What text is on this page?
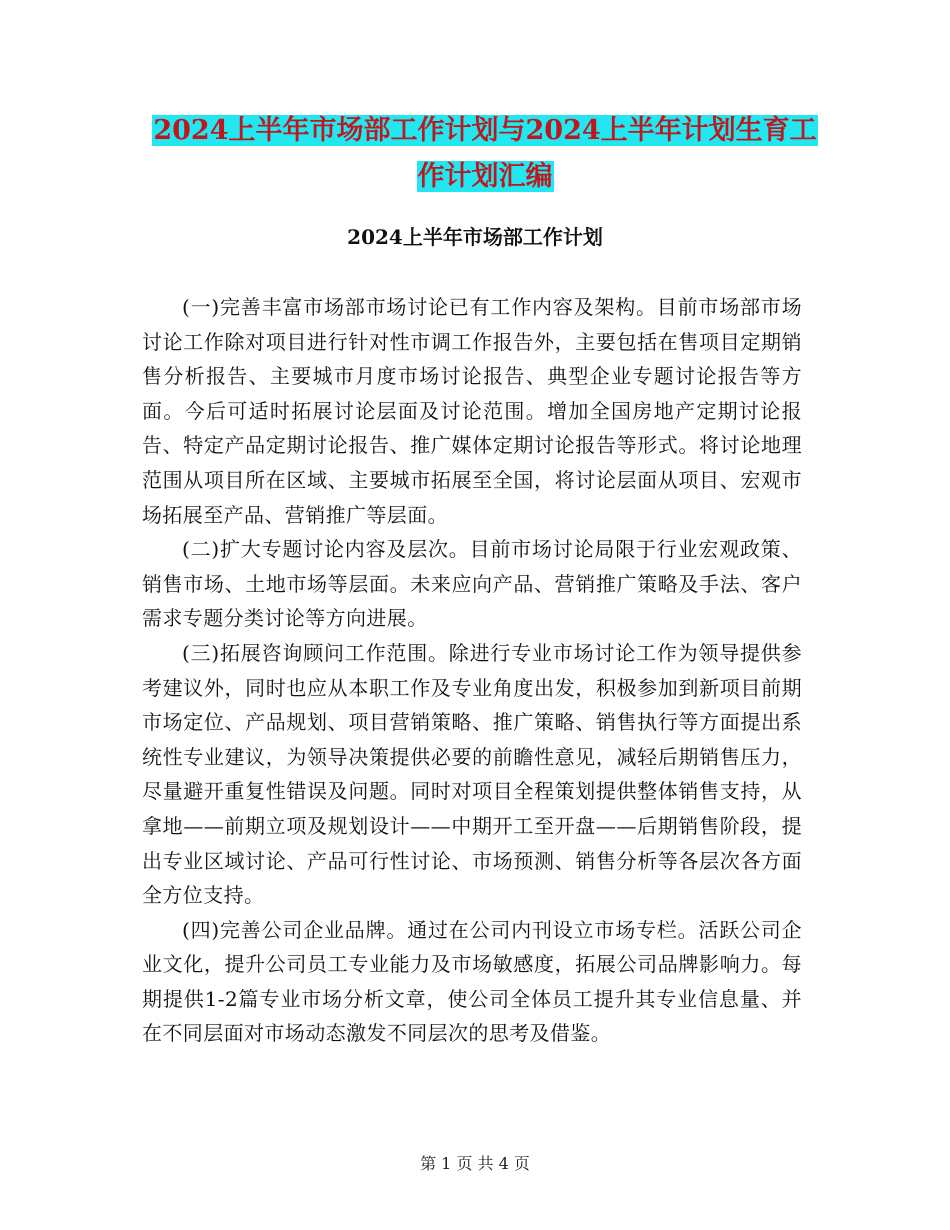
2024上半年市场部工作计划与2024上半年计划生育工
作计划汇编
2024上半年市场部工作计划

(一)完善丰富市场部市场讨论已有工作内容及架构。目前市场部市场讨论工作除对项目进行针对性市调工作报告外，主要包括在售项目定期销售分析报告、主要城市月度市场讨论报告、典型企业专题讨论报告等方面。今后可适时拓展讨论层面及讨论范围。增加全国房地产定期讨论报告、特定产品定期讨论报告、推广媒体定期讨论报告等形式。将讨论地理范围从项目所在区域、主要城市拓展至全国，将讨论层面从项目、宏观市场拓展至产品、营销推广等层面。

(二)扩大专题讨论内容及层次。目前市场讨论局限于行业宏观政策、销售市场、土地市场等层面。未来应向产品、营销推广策略及手法、客户需求专题分类讨论等方向进展。

(三)拓展咨询顾问工作范围。除进行专业市场讨论工作为领导提供参考建议外，同时也应从本职工作及专业角度出发，积极参加到新项目前期市场定位、产品规划、项目营销策略、推广策略、销售执行等方面提出系统性专业建议，为领导决策提供必要的前瞻性意见，减轻后期销售压力，尽量避开重复性错误及问题。同时对项目全程策划提供整体销售支持，从拿地——前期立项及规划设计——中期开工至开盘——后期销售阶段，提出专业区域讨论、产品可行性讨论、市场预测、销售分析等各层次各方面全方位支持。

(四)完善公司企业品牌。通过在公司内刊设立市场专栏。活跃公司企业文化，提升公司员工专业能力及市场敏感度，拓展公司品牌影响力。每期提供1-2篇专业市场分析文章，使公司全体员工提升其专业信息量、并在不同层面对市场动态激发不同层次的思考及借鉴。

第 1 页 共 4 页
